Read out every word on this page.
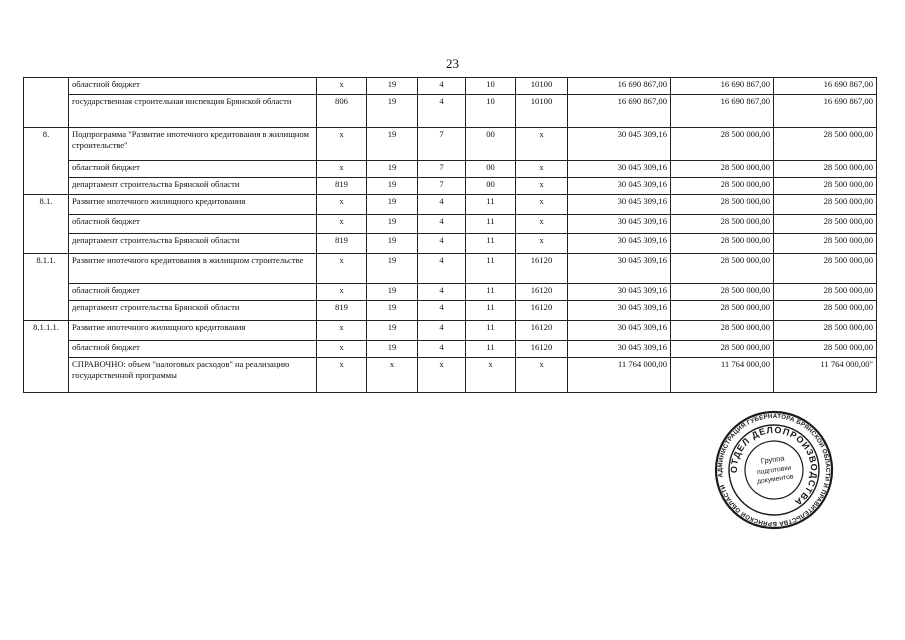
23
	областной бюджет	х	19	4	10	10100	16 690 867,00	16 690 867,00	16 690 867,00
	государственная строительная инспекция Брянской области	806	19	4	10	10100	16 690 867,00	16 690 867,00	16 690 867,00
8.	Подпрограмма "Развитие ипотечного кредитования в жилищном строительстве"	х	19	7	00	х	30 045 309,16	28 500 000,00	28 500 000,00
	областной бюджет	х	19	7	00	х	30 045 309,16	28 500 000,00	28 500 000,00
	департамент строительства Брянской области	819	19	7	00	х	30 045 309,16	28 500 000,00	28 500 000,00
8.1.	Развитие ипотечного жилищного кредитования	х	19	4	11	х	30 045 309,16	28 500 000,00	28 500 000,00
	областной бюджет	х	19	4	11	х	30 045 309,16	28 500 000,00	28 500 000,00
	департамент строительства Брянской области	819	19	4	11	х	30 045 309,16	28 500 000,00	28 500 000,00
8.1.1.	Развитие ипотечного кредитования в жилищном строительстве	х	19	4	11	16120	30 045 309,16	28 500 000,00	28 500 000,00
	областной бюджет	х	19	4	11	16120	30 045 309,16	28 500 000,00	28 500 000,00
	департамент строительства Брянской области	819	19	4	11	16120	30 045 309,16	28 500 000,00	28 500 000,00
8.1.1.1.	Развитие ипотечного жилищного кредитования	х	19	4	11	16120	30 045 309,16	28 500 000,00	28 500 000,00
	областной бюджет	х	19	4	11	16120	30 045 309,16	28 500 000,00	28 500 000,00
	СПРАВОЧНО: объем "налоговых расходов" на реализацию государственной программы	х	х	х	х	х	11 764 000,00	11 764 000,00	11 764 000,00"
АДМИНИСТРАЦИЯ ГУБЕРНАТОРА БРЯНСКОЙ ОБЛАСТИ И ПРАВИТЕЛЬСТВА БРЯНСКОЙ ОБЛАСТИ
ОТДЕЛ ДЕЛОПРОИЗВОДСТВА
Группа
подготовки
документов
